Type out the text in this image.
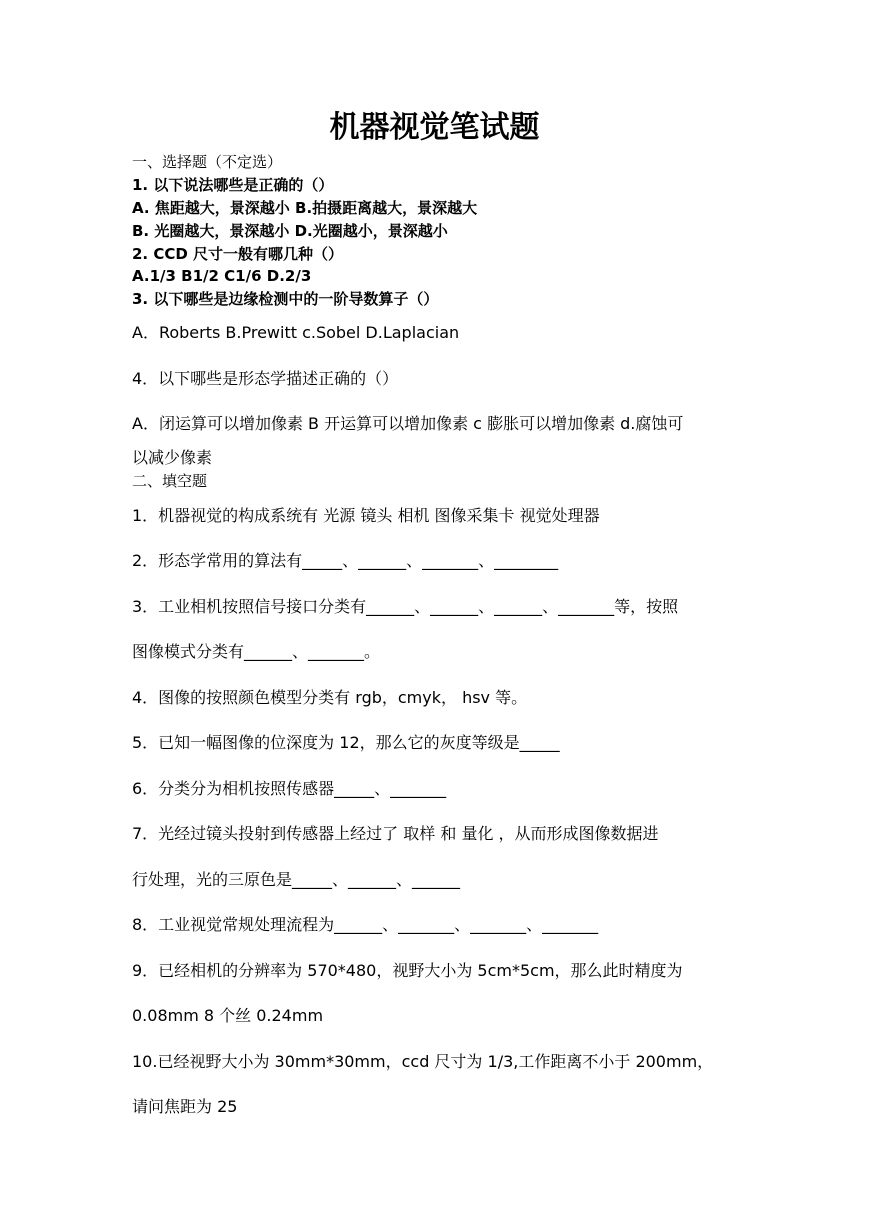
机器视觉笔试题
一、选择题（不定选）
1. 以下说法哪些是正确的（）
A. 焦距越大，景深越小 B.拍摄距离越大，景深越大
B. 光圈越大，景深越小 D.光圈越小，景深越小
2. CCD 尺寸一般有哪几种（）
A.1/3 B1/2 C1/6 D.2/3
3. 以下哪些是边缘检测中的一阶导数算子（）
A．Roberts B.Prewitt c.Sobel D.Laplacian
4．以下哪些是形态学描述正确的（）
A．闭运算可以增加像素 B 开运算可以增加像素 c 膨胀可以增加像素 d.腐蚀可
以减少像素
二、填空题
1．机器视觉的构成系统有 光源 镜头 相机 图像采集卡 视觉处理器
2．形态学常用的算法有_____、______、_______、________
3．工业相机按照信号接口分类有______、______、______、_______等，按照
图像模式分类有______、_______。
4．图像的按照颜色模型分类有 rgb，cmyk， hsv 等。
5．已知一幅图像的位深度为 12，那么它的灰度等级是_____
6．分类分为相机按照传感器_____、_______
7．光经过镜头投射到传感器上经过了 取样 和 量化 ，从而形成图像数据进
行处理，光的三原色是_____、______、______
8．工业视觉常规处理流程为______、_______、_______、_______
9．已经相机的分辨率为 570*480，视野大小为 5cm*5cm，那么此时精度为
0.08mm 8 个丝 0.24mm
10.已经视野大小为 30mm*30mm，ccd 尺寸为 1/3,工作距离不小于 200mm，
请问焦距为 25
